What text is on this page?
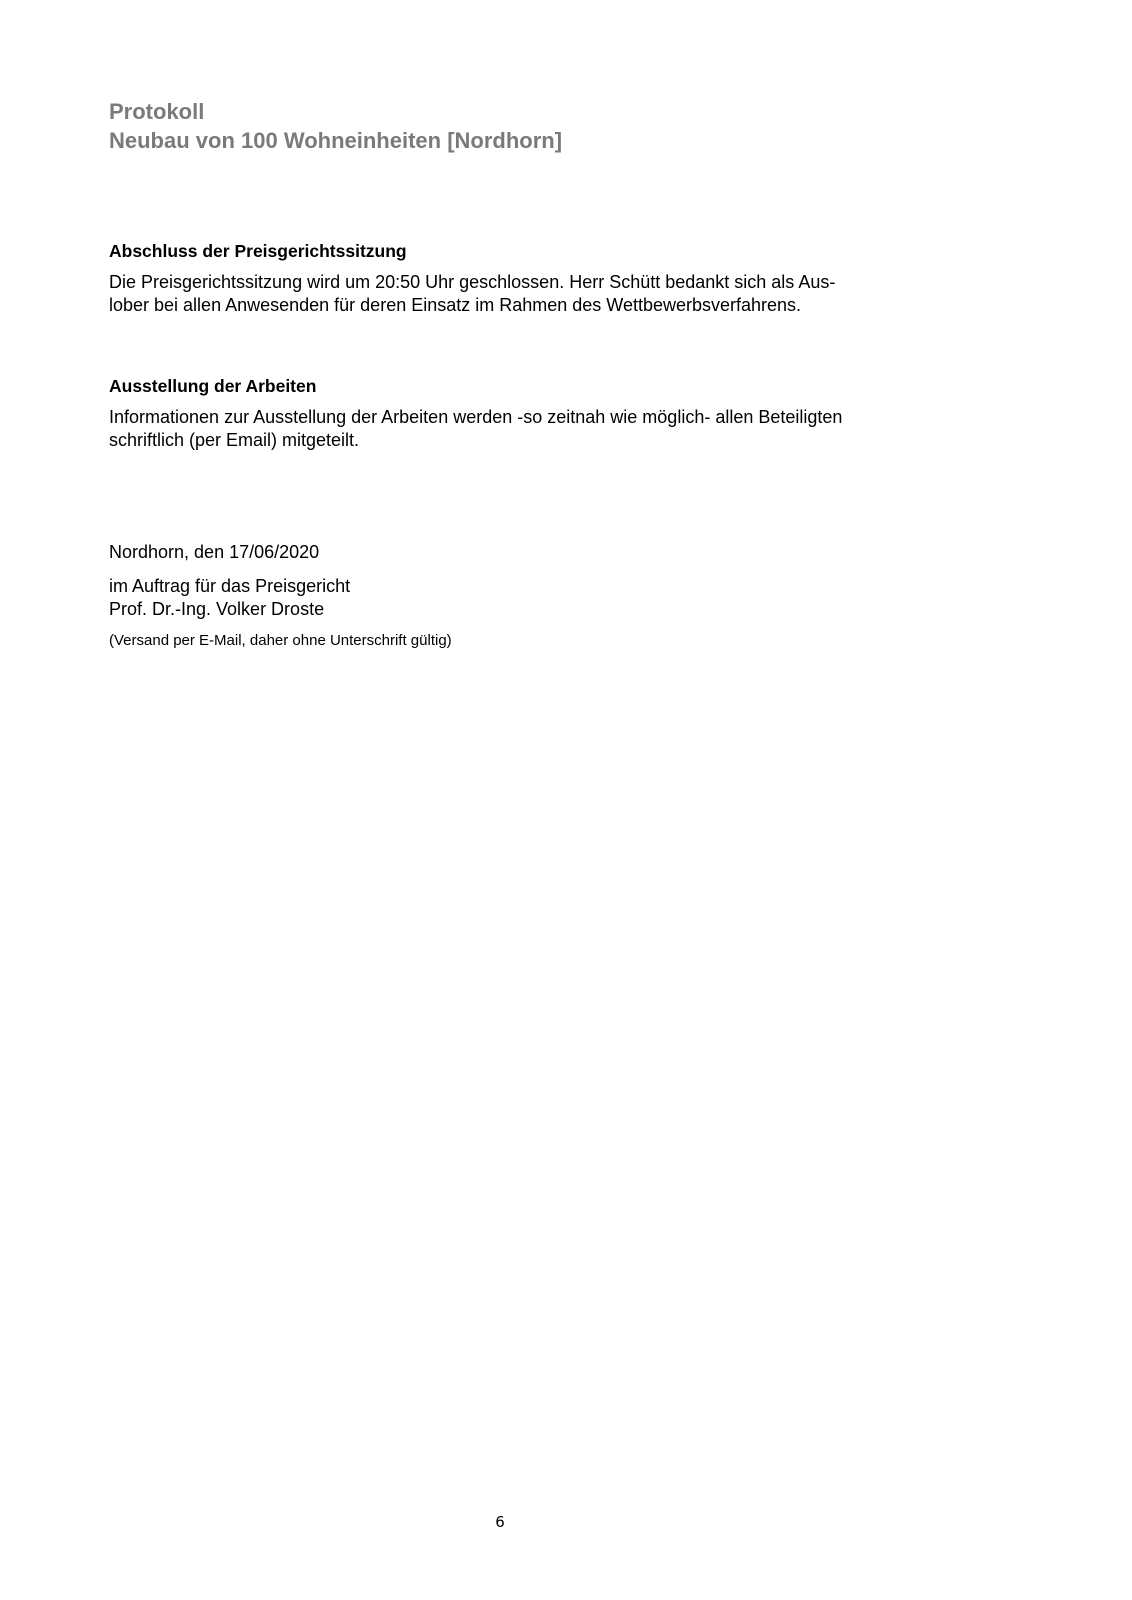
Protokoll
Neubau von 100 Wohneinheiten [Nordhorn]

Abschluss der Preisgerichtssitzung

Die Preisgerichtssitzung wird um 20:50 Uhr geschlossen. Herr Schütt bedankt sich als Aus-
lober bei allen Anwesenden für deren Einsatz im Rahmen des Wettbewerbsverfahrens.

Ausstellung der Arbeiten

Informationen zur Ausstellung der Arbeiten werden -so zeitnah wie möglich- allen Beteiligten
schriftlich (per Email) mitgeteilt.

Nordhorn, den 17/06/2020
im Auftrag für das Preisgericht
Prof. Dr.-Ing. Volker Droste
(Versand per E-Mail, daher ohne Unterschrift gültig)
6
